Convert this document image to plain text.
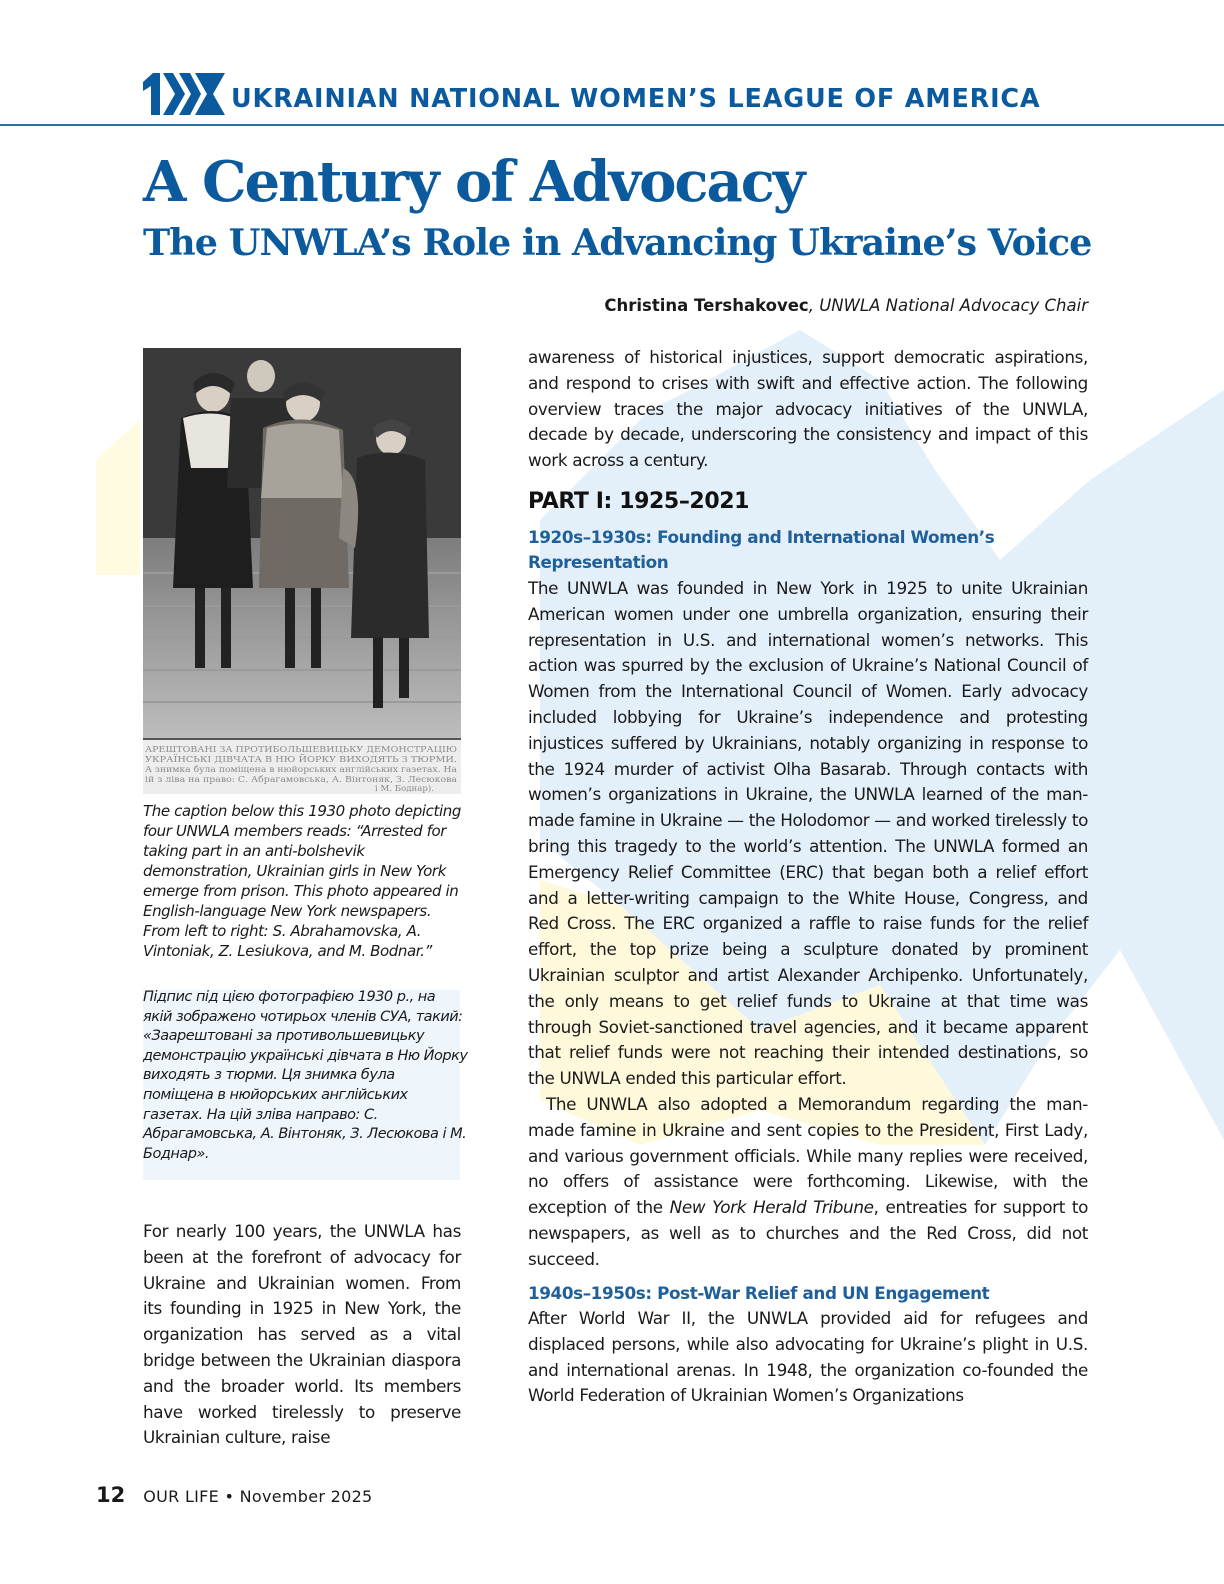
100
UKRAINIAN NATIONAL WOMEN’S LEAGUE OF AMERICA
A Century of Advocacy
The UNWLA’s Role in Advancing Ukraine’s Voice
Christina Tershakovec, UNWLA National Advocacy Chair
АРЕШТОВАНІ ЗА ПРОТИБОЛЬШЕВИЦЬКУ ДЕМОНСТРАЦІЮ
УКРАЇНСЬКІ ДІВЧАТА В НЮ ЙОРКУ ВИХОДЯТЬ З ТЮРМИ.
А знимка була поміщена в нюйорських англійських газетах. На
ій з ліва на право: С. Абрагамовська, А. Вінтоняк, З. Лесюкова
і М. Боднар).

The caption below this 1930 photo depicting four UNWLA members reads: “Arrested for taking part in an anti-bolshevik demonstration, Ukrainian girls in New York emerge from prison. This photo appeared in English-language New York newspapers. From left to right: S. Abrahamovska, A. Vintoniak, Z. Lesiukova, and M. Bodnar.”

Підпис під цією фотографією 1930 р., на якій зображено чотирьох членів СУА, такий: «Заарештовані за противольшевицьку демонстрацію українські дівчата в Ню Йорку виходять з тюрми. Ця знимка була поміщена в нюйорських англійських газетах. На цій зліва направо: С. Абрагамовська, А. Вінтоняк, З. Лесюкова і М. Боднар».

For nearly 100 years, the UNWLA has been at the forefront of advocacy for Ukraine and Ukrainian women. From its founding in 1925 in New York, the organization has served as a vital bridge between the Ukrainian diaspora and the broader world. Its members have worked tirelessly to preserve Ukrainian culture, raise

awareness of historical injustices, support democratic aspirations, and respond to crises with swift and effective action. The following overview traces the major advocacy initiatives of the UNWLA, decade by decade, underscoring the consistency and impact of this work across a century.

PART I: 1925–2021
1920s–1930s: Founding and International Women’s Representation

The UNWLA was founded in New York in 1925 to unite Ukrainian American women under one umbrella organization, ensuring their representation in U.S. and international women’s networks. This action was spurred by the exclusion of Ukraine’s National Council of Women from the International Council of Women. Early advocacy included lobbying for Ukraine’s independence and protesting injustices suffered by Ukrainians, notably organizing in response to the 1924 murder of activist Olha Basarab. Through contacts with women’s organizations in Ukraine, the UNWLA learned of the man-made famine in Ukraine — the Holodomor — and worked tirelessly to bring this tragedy to the world’s attention. The UNWLA formed an Emergency Relief Committee (ERC) that began both a relief effort and a letter-writing campaign to the White House, Congress, and Red Cross. The ERC organized a raffle to raise funds for the relief effort, the top prize being a sculpture donated by prominent Ukrainian sculptor and artist Alexander Archipenko. Unfortunately, the only means to get relief funds to Ukraine at that time was through Soviet-sanctioned travel agencies, and it became apparent that relief funds were not reaching their intended destinations, so the UNWLA ended this particular effort.

The UNWLA also adopted a Memorandum regarding the man-made famine in Ukraine and sent copies to the President, First Lady, and various government officials. While many replies were received, no offers of assistance were forthcoming. Likewise, with the exception of the New York Herald Tribune, entreaties for support to newspapers, as well as to churches and the Red Cross, did not succeed.

1940s–1950s: Post-War Relief and UN Engagement

After World War II, the UNWLA provided aid for refugees and displaced persons, while also advocating for Ukraine’s plight in U.S. and international arenas. In 1948, the organization co-founded the World Federation of Ukrainian Women’s Organizations

12 OUR LIFE • November 2025
